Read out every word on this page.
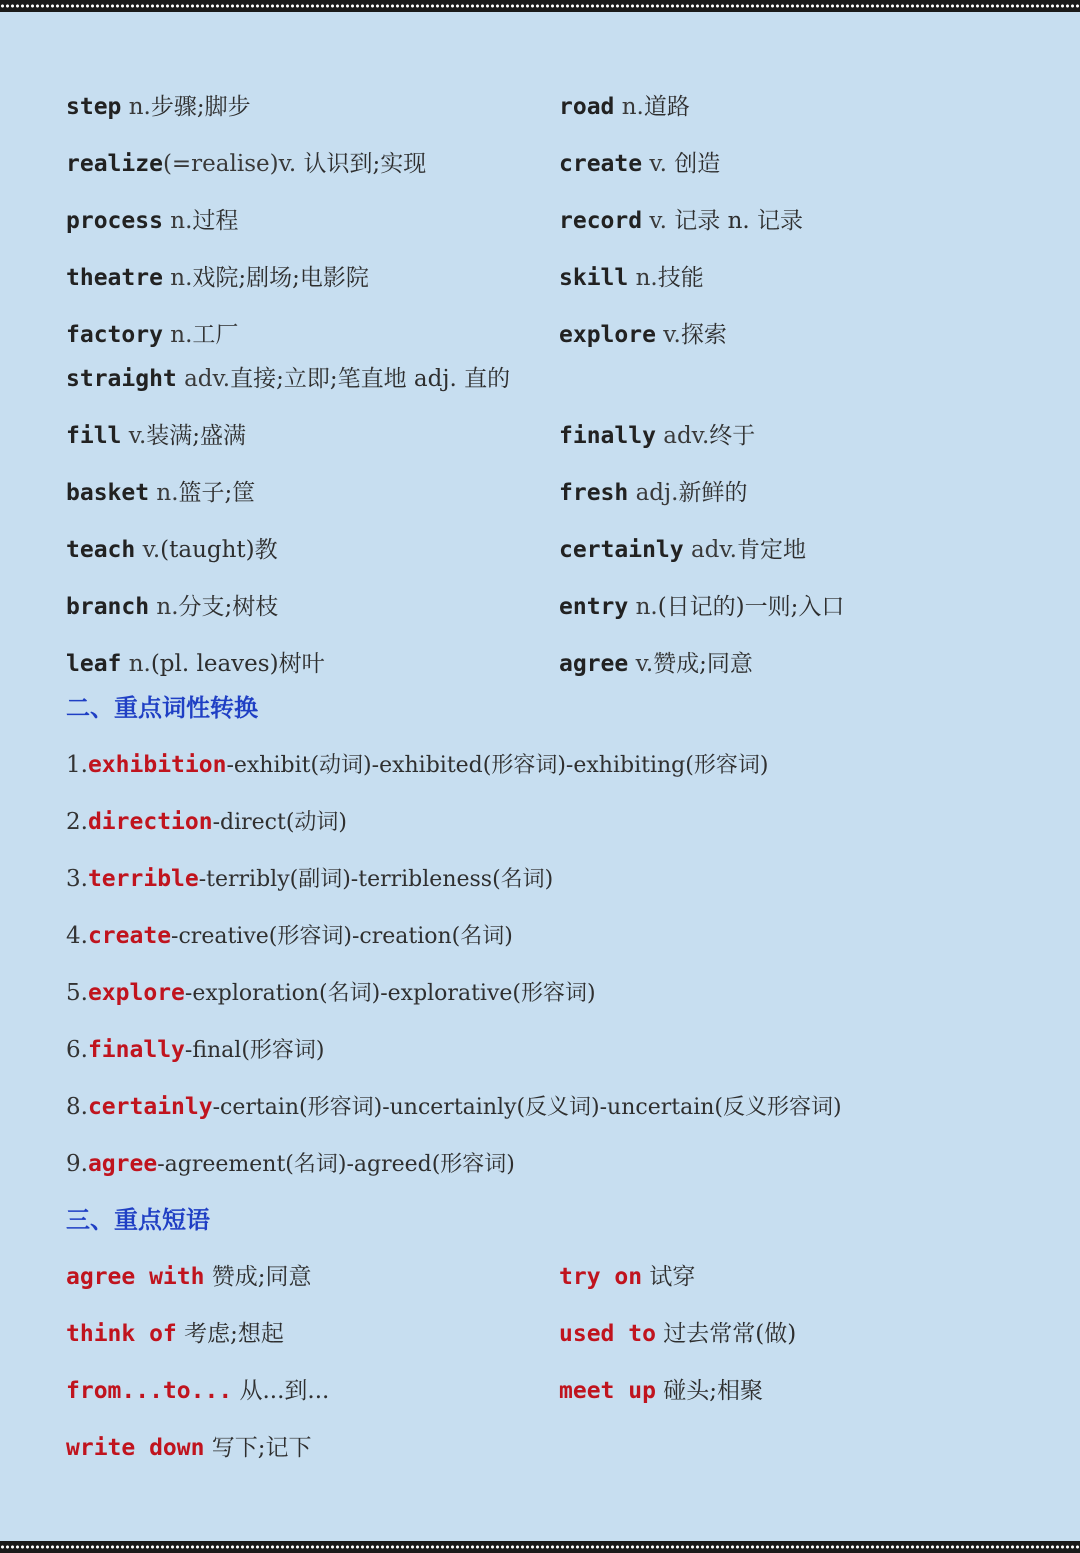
step n.步骤;脚步	road n.道路
realize(=realise)v. 认识到;实现	create v. 创造
process n.过程	record v. 记录 n. 记录
theatre n.戏院;剧场;电影院	skill n.技能
factory n.工厂	explore v.探索
straight adv.直接;立即;笔直地 adj. 直的
fill v.装满;盛满	finally adv.终于
basket n.篮子;筐	fresh adj.新鲜的
teach v.(taught)教	certainly adv.肯定地
branch n.分支;树枝	entry n.(日记的)一则;入口
leaf n.(pl. leaves)树叶	agree v.赞成;同意
二、重点词性转换
1.exhibition-exhibit(动词)-exhibited(形容词)-exhibiting(形容词)
2.direction-direct(动词)
3.terrible-terribly(副词)-terribleness(名词)
4.create-creative(形容词)-creation(名词)
5.explore-exploration(名词)-explorative(形容词)
6.finally-final(形容词)
8.certainly-certain(形容词)-uncertainly(反义词)-uncertain(反义形容词)
9.agree-agreement(名词)-agreed(形容词)
三、重点短语
agree with 赞成;同意	try on 试穿
think of 考虑;想起	used to 过去常常(做)
from...to... 从...到...	meet up 碰头;相聚
write down 写下;记下
